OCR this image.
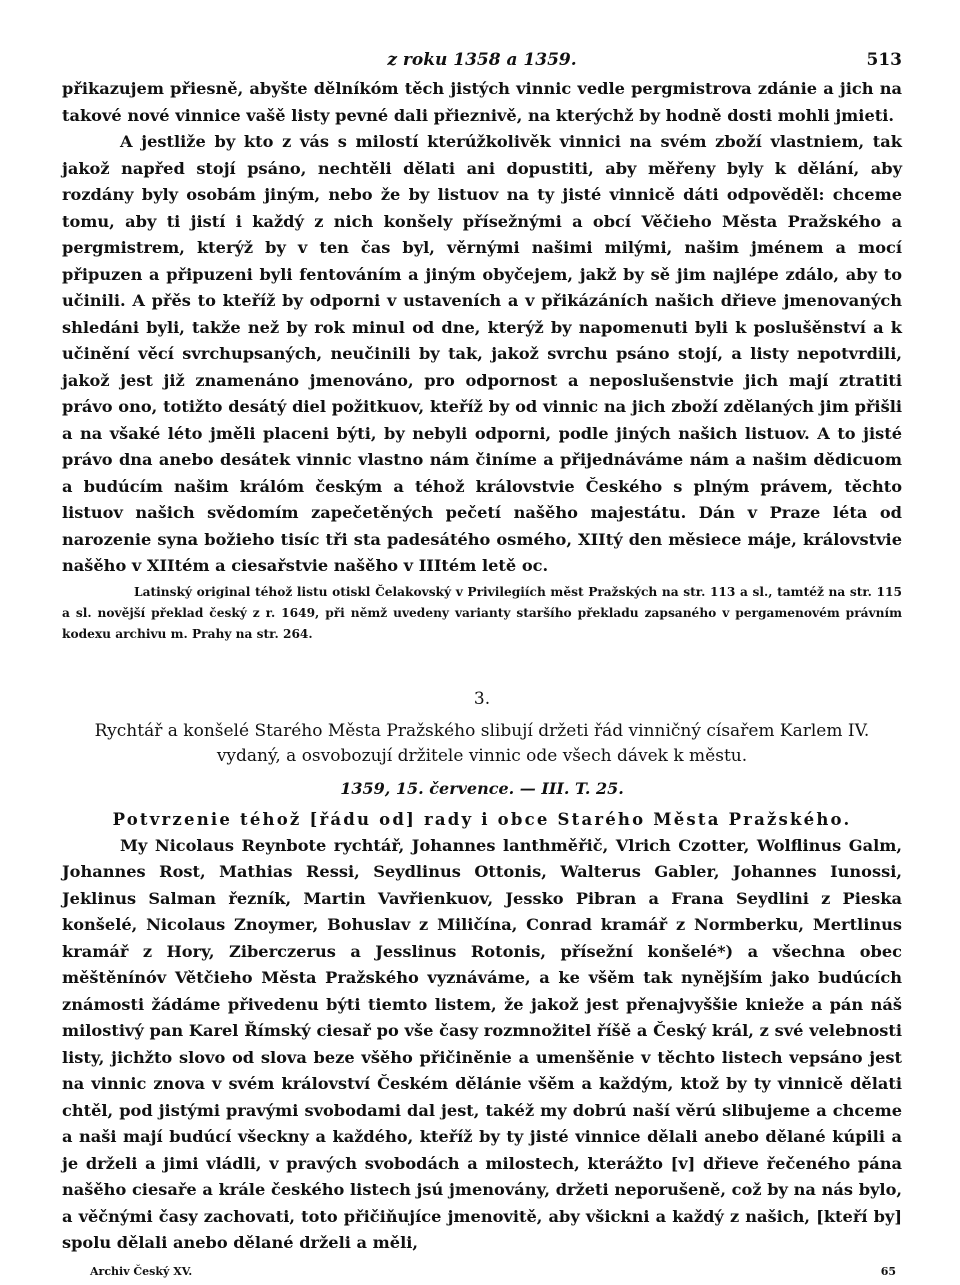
z roku 1358 a 1359.	513

přikazujem přiesně, abyšte dělníkóm těch jistých vinnic vedle pergmistrova zdánie a jich na takové nové vinnice vašě listy pevné dali přieznivě, na kterýchž by hodně dosti mohli jmieti.

A jestliže by kto z vás s milostí kterúžkolivěk vinnici na svém zboží vlastniem, tak jakož napřed stojí psáno, nechtěli dělati ani dopustiti, aby měřeny byly k dělání, aby rozdány byly osobám jiným, nebo že by listuov na ty jisté vinnicě dáti odpověděl: chceme tomu, aby ti jistí i každý z nich konšely přísežnými a obcí Věčieho Města Pražského a pergmistrem, kterýž by v ten čas byl, věrnými našimi milými, našim jménem a mocí připuzen a připuzeni byli fentováním a jiným obyčejem, jakž by sě jim najlépe zdálo, aby to učinili. A přěs to kteříž by odporni v ustaveních a v přikázáních našich dřieve jmenovaných shledáni byli, takže než by rok minul od dne, kterýž by napomenuti byli k poslušěnství a k učinění věcí svrchupsaných, neučinili by tak, jakož svrchu psáno stojí, a listy nepotvrdili, jakož jest již znamenáno jmenováno, pro odpornost a neposlušenstvie jich mají ztratiti právo ono, totižto desátý diel požitkuov, kteříž by od vinnic na jich zboží zdělaných jim přišli a na všaké léto jměli placeni býti, by nebyli odporni, podle jiných našich listuov. A to jisté právo dna anebo desátek vinnic vlastno nám činíme a přijednáváme nám a našim dědicuom a budúcím našim králóm českým a téhož královstvie Českého s plným právem, těchto listuov našich svědomím zapečetěných pečetí našěho majestátu. Dán v Praze léta od narozenie syna božieho tisíc tři sta padesátého osmého, XIItý den měsiece máje, královstvie našěho v XIItém a ciesařstvie našěho v IIItém letě oc.

Latinský original téhož listu otiskl Čelakovský v Privilegiích měst Pražských na str. 113 a sl., tamtéž na str. 115 a sl. novější překlad český z r. 1649, při němž uvedeny varianty staršího překladu zapsaného v pergamenovém právním kodexu archivu m. Prahy na str. 264.

3.
Rychtář a konšelé Starého Města Pražského slibují držeti řád vinničný císařem Karlem IV. vydaný, a osvobozují držitele vinnic ode všech dávek k městu.
1359, 15. července. — III. T. 25.
Potvrzenie téhož [řádu od] rady i obce Starého Města Pražského.

My Nicolaus Reynbote rychtář, Johannes lanthměřič, Vlrich Czotter, Wolflinus Galm, Johannes Rost, Mathias Ressi, Seydlinus Ottonis, Walterus Gabler, Johannes Iunossi, Jeklinus Salman řezník, Martin Vavřienkuov, Jessko Pibran a Frana Seydlini z Pieska konšelé, Nicolaus Znoymer, Bohuslav z Miličína, Conrad kramář z Normberku, Mertlinus kramář z Hory, Ziberczerus a Jesslinus Rotonis, přísežní konšelé*) a všechna obec měštěnínóv Větčieho Města Pražského vyznáváme, a ke všěm tak nynějším jako budúcích známosti žádáme přivedenu býti tiemto listem, že jakož jest přenajvyššie knieže a pán náš milostivý pan Karel Římský ciesař po vše časy rozmnožitel říšě a Český král, z své velebnosti listy, jichžto slovo od slova beze všěho přičiněnie a umenšěnie v těchto listech vepsáno jest na vinnic znova v svém království Českém dělánie všěm a každým, ktož by ty vinnicě dělati chtěl, pod jistými pravými svobodami dal jest, takéž my dobrú naší věrú slibujeme a chceme a naši mají budúcí všeckny a každého, kteříž by ty jisté vinnice dělali anebo dělané kúpili a je drželi a jimi vládli, v pravých svobodách a milostech, kterážto [v] dřieve řečeného pána našěho ciesaře a krále českého listech jsú jmenovány, držeti neporušeně, což by na nás bylo, a věčnými časy zachovati, toto přičiňujíce jmenovitě, aby všickni a každý z našich, [kteří by] spolu dělali anebo dělané drželi a měli,

Archiv Český XV.	65
